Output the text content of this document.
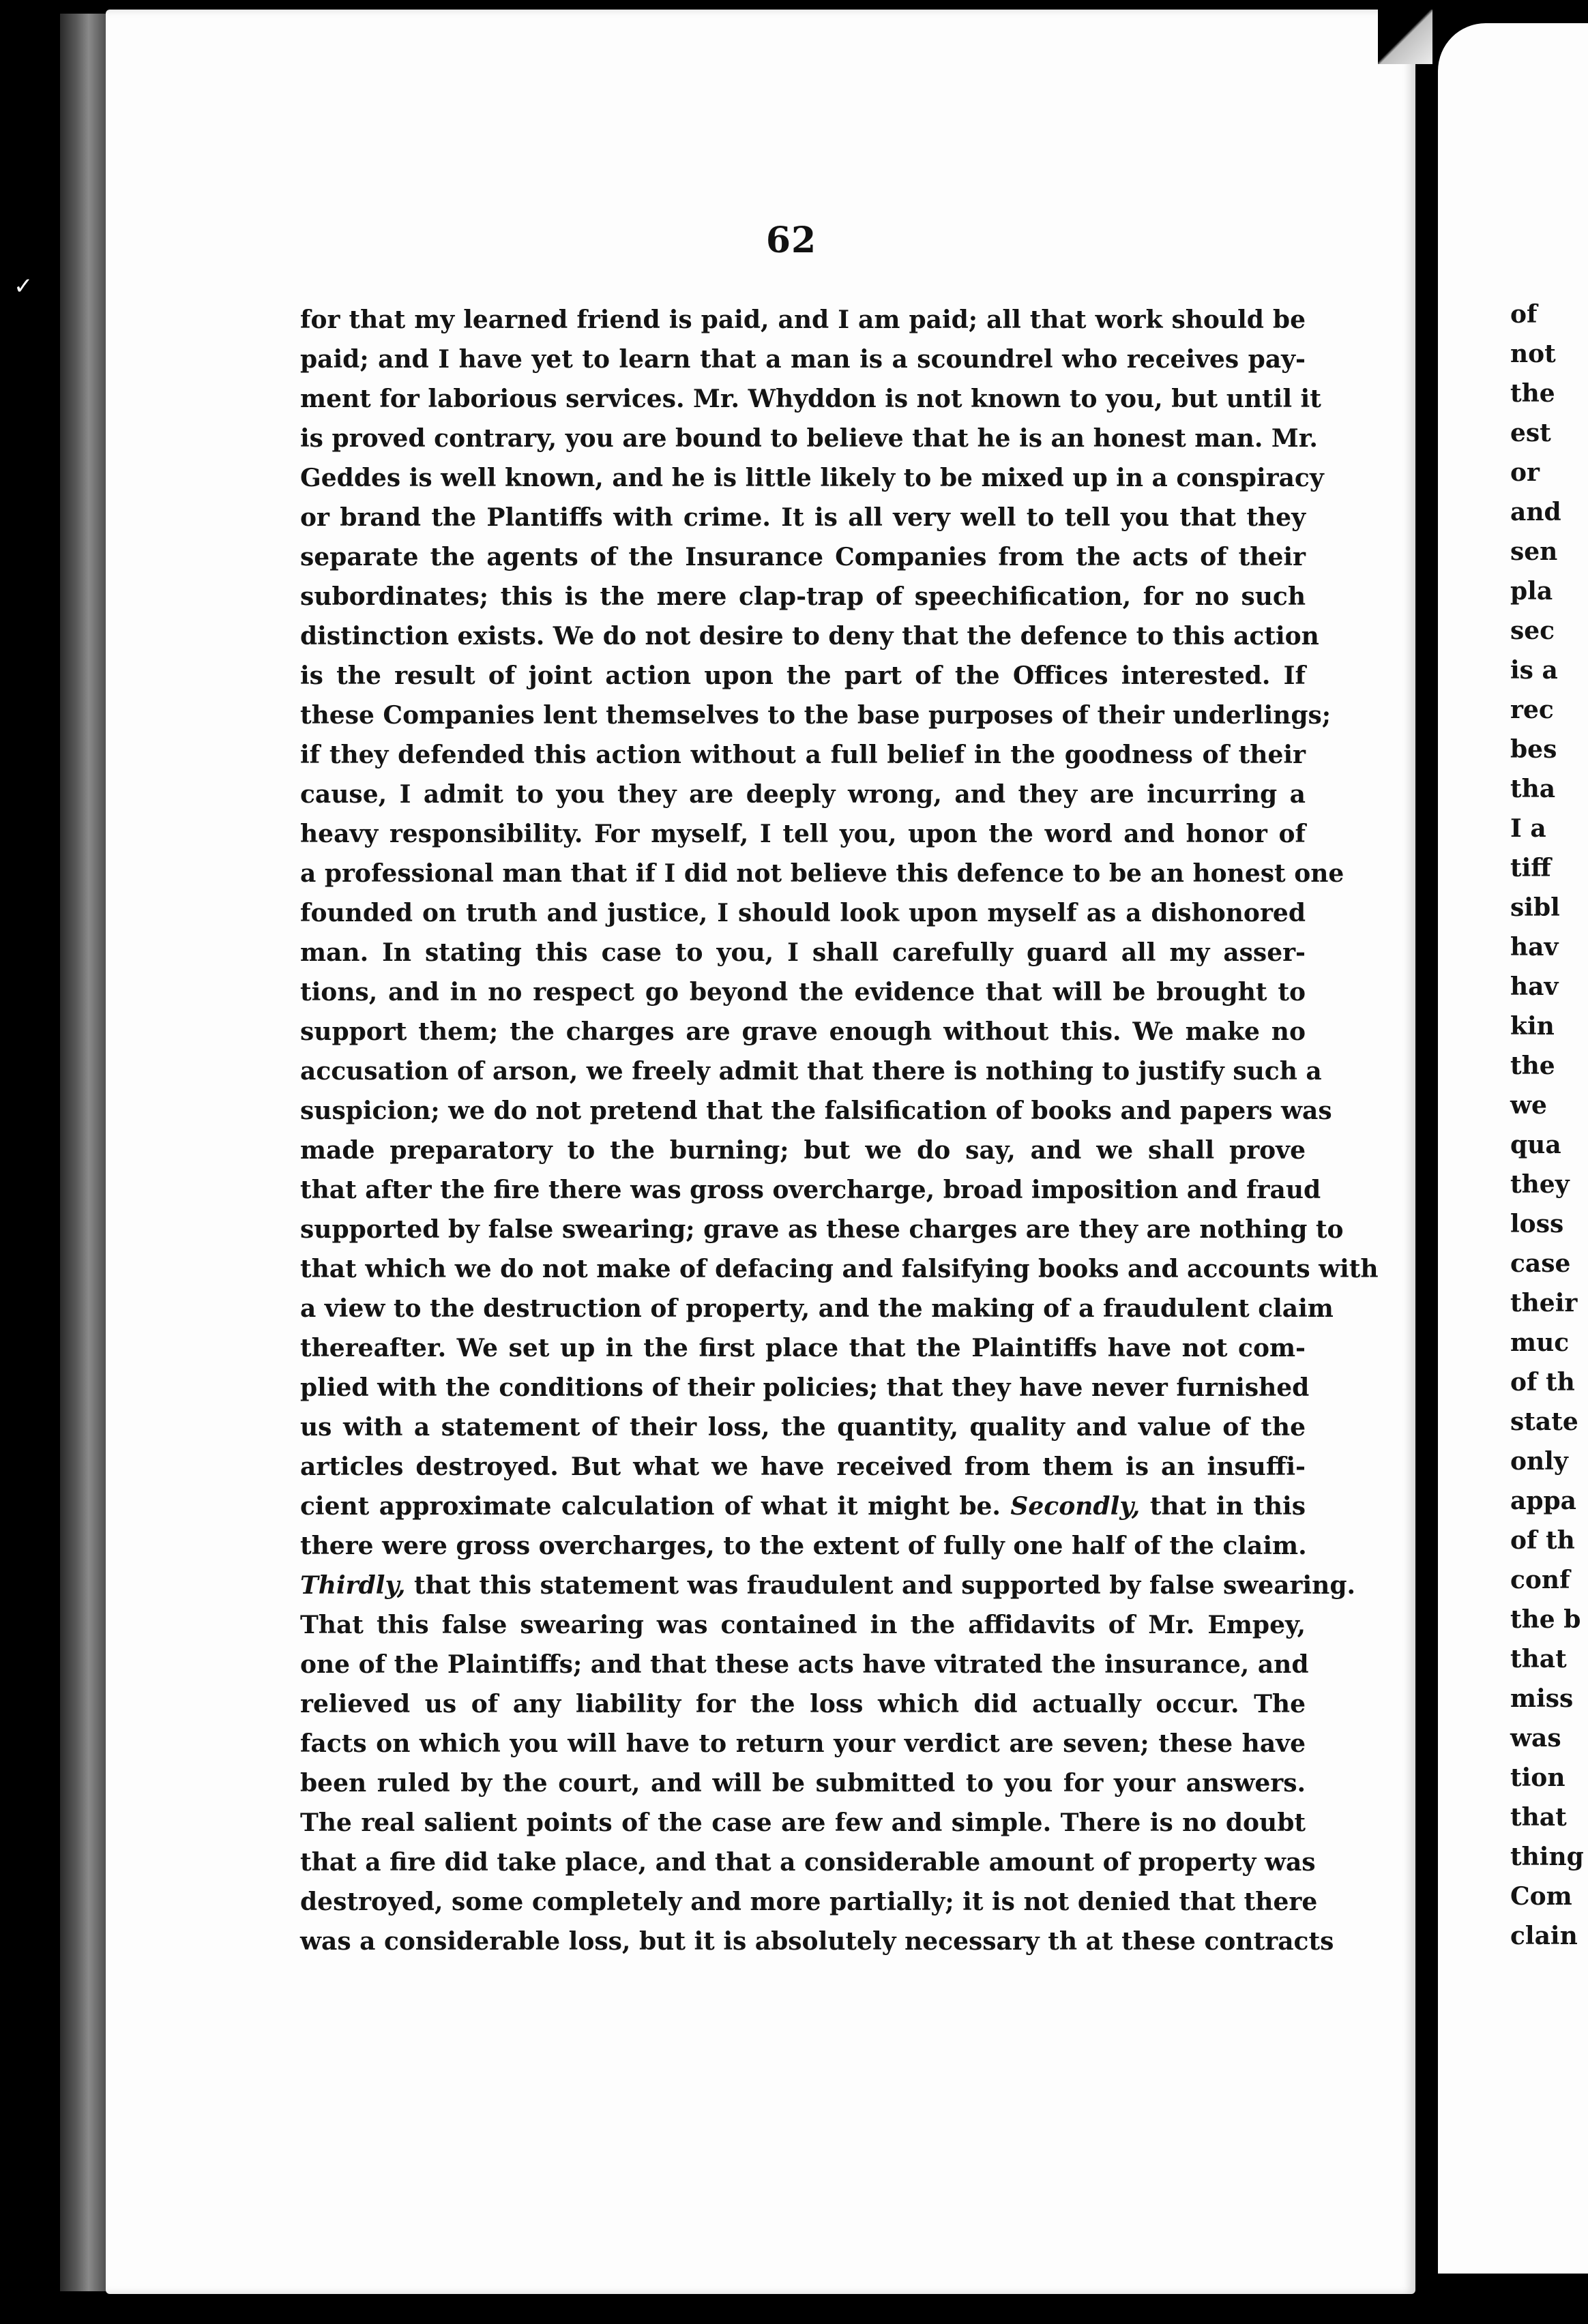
✓
62
for that my learned friend is paid, and I am paid; all that work should be
paid; and I have yet to learn that a man is a scoundrel who receives pay-
ment for laborious services. Mr. Whyddon is not known to you, but until it
is proved contrary, you are bound to believe that he is an honest man. Mr.
Geddes is well known, and he is little likely to be mixed up in a conspiracy
or brand the Plantiffs with crime. It is all very well to tell you that they
separate the agents of the Insurance Companies from the acts of their
subordinates; this is the mere clap-trap of speechification, for no such
distinction exists. We do not desire to deny that the defence to this action
is the result of joint action upon the part of the Offices interested. If
these Companies lent themselves to the base purposes of their underlings;
if they defended this action without a full belief in the goodness of their
cause, I admit to you they are deeply wrong, and they are incurring a
heavy responsibility. For myself, I tell you, upon the word and honor of
a professional man that if I did not believe this defence to be an honest one
founded on truth and justice, I should look upon myself as a dishonored
man. In stating this case to you, I shall carefully guard all my asser-
tions, and in no respect go beyond the evidence that will be brought to
support them; the charges are grave enough without this. We make no
accusation of arson, we freely admit that there is nothing to justify such a
suspicion; we do not pretend that the falsification of books and papers was
made preparatory to the burning; but we do say, and we shall prove
that after the fire there was gross overcharge, broad imposition and fraud
supported by false swearing; grave as these charges are they are nothing to
that which we do not make of defacing and falsifying books and accounts with
a view to the destruction of property, and the making of a fraudulent claim
thereafter. We set up in the first place that the Plaintiffs have not com-
plied with the conditions of their policies; that they have never furnished
us with a statement of their loss, the quantity, quality and value of the
articles destroyed. But what we have received from them is an insuffi-
cient approximate calculation of what it might be. Secondly, that in this
there were gross overcharges, to the extent of fully one half of the claim.
Thirdly, that this statement was fraudulent and supported by false swearing.
That this false swearing was contained in the affidavits of Mr. Empey,
one of the Plaintiffs; and that these acts have vitrated the insurance, and
relieved us of any liability for the loss which did actually occur. The
facts on which you will have to return your verdict are seven; these have
been ruled by the court, and will be submitted to you for your answers.
The real salient points of the case are few and simple. There is no doubt
that a fire did take place, and that a considerable amount of property was
destroyed, some completely and more partially; it is not denied that there
was a considerable loss, but it is absolutely necessary th at these contracts
of
not
the
est
or
and
sen
pla
sec
is a
rec
bes
tha
I a
tiff
sibl
hav
hav
kin
the
we
qua
they
loss
case
their
muc
of th
state
only
appa
of th
conf
the b
that
miss
was
tion
that
thing
Com
clain
